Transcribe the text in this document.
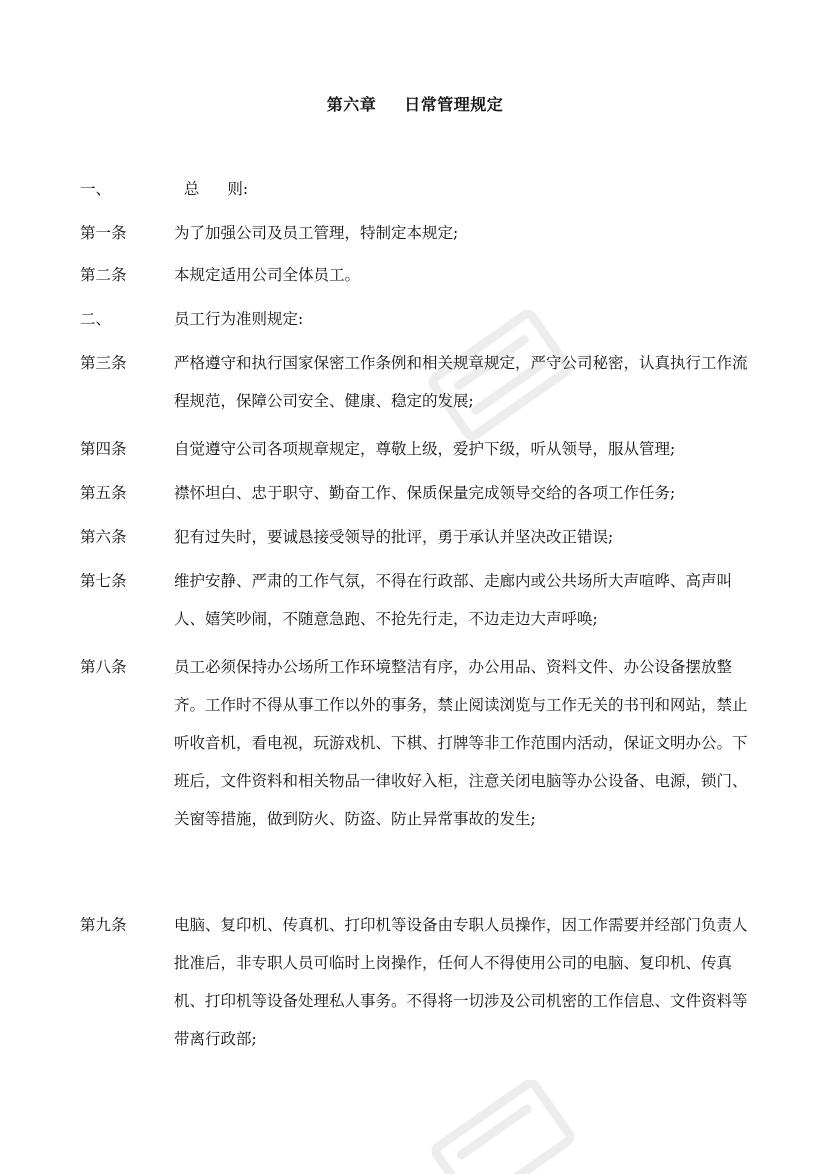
第六章 日常管理规定
一、	总 则:
第一条	为了加强公司及员工管理，特制定本规定;
第二条	本规定适用公司全体员工。
二、	员工行为准则规定:
第三条	严格遵守和执行国家保密工作条例和相关规章规定，严守公司秘密，认真执行工作流程规范，保障公司安全、健康、稳定的发展;
第四条	自觉遵守公司各项规章规定，尊敬上级，爱护下级，听从领导，服从管理;
第五条	襟怀坦白、忠于职守、勤奋工作、保质保量完成领导交给的各项工作任务;
第六条	犯有过失时，要诚恳接受领导的批评，勇于承认并坚决改正错误;
第七条	维护安静、严肃的工作气氛，不得在行政部、走廊内或公共场所大声喧哗、高声叫人、嬉笑吵闹，不随意急跑、不抢先行走，不边走边大声呼唤;
第八条	员工必须保持办公场所工作环境整洁有序，办公用品、资料文件、办公设备摆放整齐。工作时不得从事工作以外的事务，禁止阅读浏览与工作无关的书刊和网站，禁止听收音机，看电视，玩游戏机、下棋、打牌等非工作范围内活动，保证文明办公。下班后，文件资料和相关物品一律收好入柜，注意关闭电脑等办公设备、电源，锁门、关窗等措施，做到防火、防盗、防止异常事故的发生;
第九条	电脑、复印机、传真机、打印机等设备由专职人员操作，因工作需要并经部门负责人批准后，非专职人员可临时上岗操作，任何人不得使用公司的电脑、复印机、传真机、打印机等设备处理私人事务。不得将一切涉及公司机密的工作信息、文件资料等带离行政部;
